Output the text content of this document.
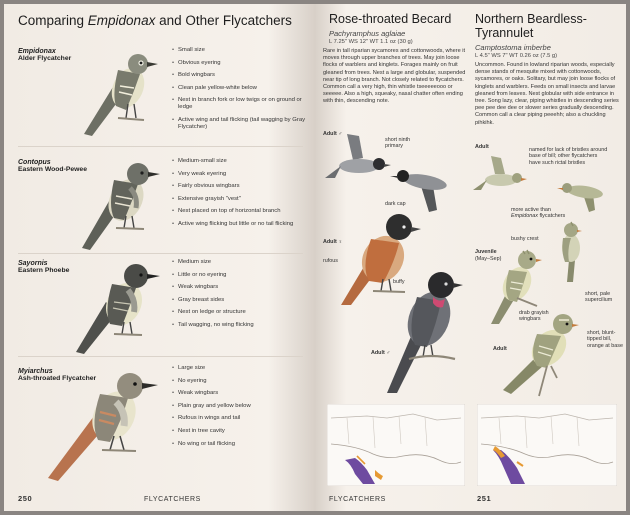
Comparing Empidonax and Other Flycatchers
Empidonax
Alder Flycatcher
• Small size
• Obvious eyering
• Bold wingbars
• Clean pale yellow-white below
• Nest in branch fork or low twigs or on ground or ledge
• Active wing and tail flicking (tail wagging by Gray Flycatcher)
Contopus
Eastern Wood-Pewee
• Medium-small size
• Very weak eyering
• Fairly obvious wingbars
• Extensive grayish "vest"
• Nest placed on top of horizontal branch
• Active wing flicking but little or no tail flicking
Sayornis
Eastern Phoebe
• Medium size
• Little or no eyering
• Weak wingbars
• Gray breast sides
• Nest on ledge or structure
• Tail wagging, no wing flicking
Myiarchus
Ash-throated Flycatcher
• Large size
• No eyering
• Weak wingbars
• Plain gray and yellow below
• Rufous in wings and tail
• Nest in tree cavity
• No wing or tail flicking
250	FLYCATCHERS
Rose-throated Becard
Pachyramphus aglaiae
L 7.25" WS 12" WT 1.1 oz (30 g)
Rare in tall riparian sycamores and cottonwoods, where it moves through upper branches of trees. May join loose flocks of warblers and kinglets. Forages mainly on fruit gleaned from trees. Nest a large and globular, suspended near tip of long branch. Not closely related to flycatchers. Common call a very high, thin whistle tseeeeeooo or seeeee. Also a high, squeaky, nasal chatter often ending with thin, descending note.
Adult ♂
short ninth primary
dark cap
Adult ♀
rufous
buffy
Adult ♂
Northern Beardless-Tyrannulet
Camptostoma imberbe
L 4.5" WS 7" WT 0.26 oz (7.5 g)
Uncommon. Found in lowland riparian woods, especially dense stands of mesquite mixed with cottonwoods, sycamores, or oaks. Solitary, but may join loose flocks of kinglets and warblers. Feeds on small insects and larvae gleaned from leaves. Nest globular with side entrance in tree. Song lazy, clear, piping whistles in descending series pee pee dee dee or slower series gradually descending. Common call a clear piping peeehh; also a chuckling pihkihk.
Adult	named for lack of bristles around base of bill; other flycatchers have such rictal bristles
more active than
Empidonax flycatchers
bushy crest
Juvenile
(May–Sep)
short, pale supercilium
drab grayish wingbars
Adult
short, blunt-tipped bill, orange at base
FLYCATCHERS	251
